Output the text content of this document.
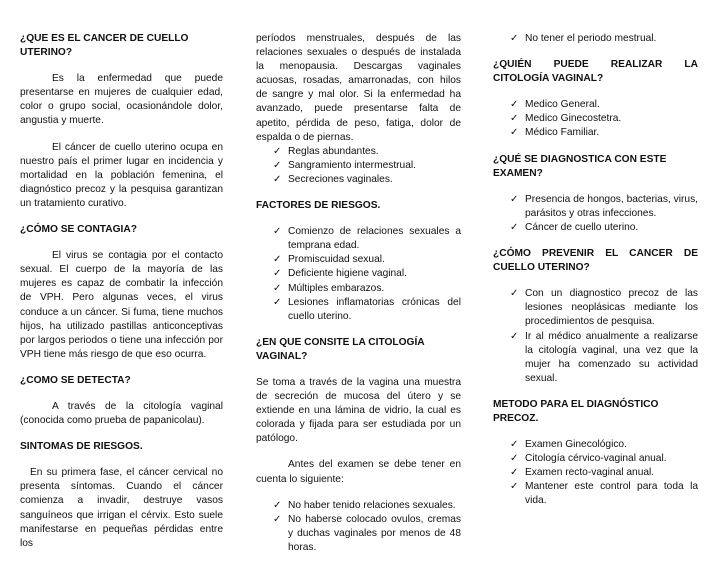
¿QUE ES EL CANCER DE CUELLO UTERINO?
Es la enfermedad que puede presentarse en mujeres de cualquier edad, color o grupo social, ocasionándole dolor, angustia y muerte.
El cáncer de cuello uterino ocupa en nuestro país el primer lugar en incidencia y mortalidad en la población femenina, el diagnóstico precoz y la pesquisa garantizan un tratamiento curativo.
¿CÓMO SE CONTAGIA?
El virus se contagia por el contacto sexual. El cuerpo de la mayoría de las mujeres es capaz de combatir la infección de VPH. Pero algunas veces, el virus conduce a un cáncer. Si fuma, tiene muchos hijos, ha utilizado pastillas anticonceptivas por largos periodos o tiene una infección por VPH tiene más riesgo de que eso ocurra.
¿COMO SE DETECTA?
A través de la citología vaginal (conocida como prueba de papanicolau).
SINTOMAS DE RIESGOS.
En su primera fase, el cáncer cervical no presenta síntomas. Cuando el cáncer comienza a invadir, destruye vasos sanguíneos que irrigan el cérvix. Esto suele manifestarse en pequeñas pérdidas entre los
períodos menstruales, después de las relaciones sexuales o después de instalada la menopausia. Descargas vaginales acuosas, rosadas, amarronadas, con hilos de sangre y mal olor. Si la enfermedad ha avanzado, puede presentarse falta de apetito, pérdida de peso, fatiga, dolor de espalda o de piernas.
✓ Reglas abundantes.
✓ Sangramiento intermestrual.
✓ Secreciones vaginales.
FACTORES DE RIESGOS.
✓ Comienzo de relaciones sexuales a temprana edad.
✓ Promiscuidad sexual.
✓ Deficiente higiene vaginal.
✓ Múltiples embarazos.
✓ Lesiones inflamatorias crónicas del cuello uterino.
¿EN QUE CONSITE LA CITOLOGÍA VAGINAL?
Se toma a través de la vagina una muestra de secreción de mucosa del útero y se extiende en una lámina de vidrio, la cual es colorada y fijada para ser estudiada por un patólogo.
Antes del examen se debe tener en cuenta lo siguiente:
✓ No haber tenido relaciones sexuales.
✓ No haberse colocado ovulos, cremas y duchas vaginales por menos de 48 horas.
✓ No tener el periodo mestrual.
¿QUIÉN PUEDE REALIZAR LA CITOLOGÍA VAGINAL?
✓ Medico General.
✓ Medico Ginecostetra.
✓ Médico Familiar.
¿QUÉ SE DIAGNOSTICA CON ESTE EXAMEN?
✓ Presencia de hongos, bacterias, virus, parásitos y otras infecciones.
✓ Cáncer de cuello uterino.
¿CÓMO PREVENIR EL CANCER DE CUELLO UTERINO?
✓ Con un diagnostico precoz de las lesiones neoplásicas mediante los procedimientos de pesquisa.
✓ Ir al médico anualmente a realizarse la citología vaginal, una vez que la mujer ha comenzado su actividad sexual.
METODO PARA EL DIAGNÓSTICO PRECOZ.
✓ Examen Ginecológico.
✓ Citología cérvico-vaginal anual.
✓ Examen recto-vaginal anual.
✓ Mantener este control para toda la vida.
